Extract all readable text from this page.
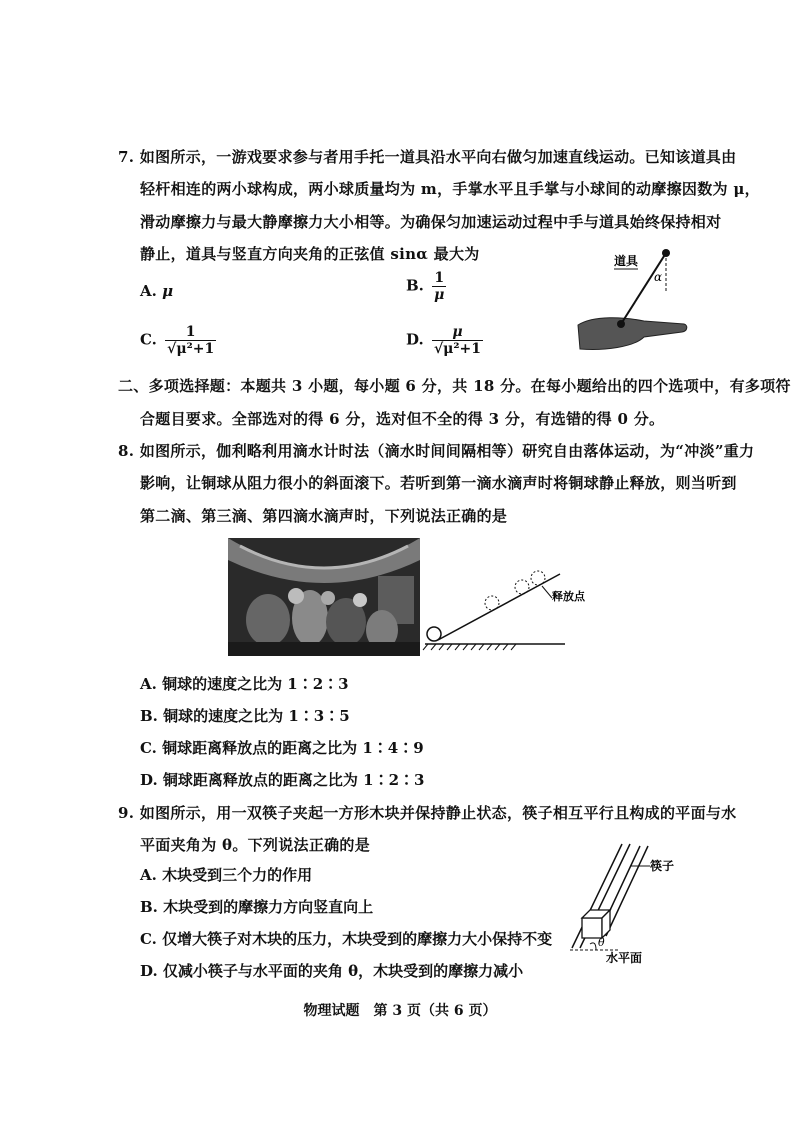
7. 如图所示，一游戏要求参与者用手托一道具沿水平向右做匀加速直线运动。已知该道具由
轻杆相连的两小球构成，两小球质量均为 m，手掌水平且手掌与小球间的动摩擦因数为 μ，
滑动摩擦力与最大静摩擦力大小相等。为确保匀加速运动过程中手与道具始终保持相对
静止，道具与竖直方向夹角的正弦值 sinα 最大为
A. μ	B. $\frac{1}{\mu}$
C. $\frac{1}{\text{√μ²+1}}$	D. $\frac{\mu}{\text{√μ²+1}}$
道具
α
二、多项选择题：本题共 3 小题，每小题 6 分，共 18 分。在每小题给出的四个选项中，有多项符
合题目要求。全部选对的得 6 分，选对但不全的得 3 分，有选错的得 0 分。
8. 如图所示，伽利略利用滴水计时法（滴水时间间隔相等）研究自由落体运动，为“冲淡”重力
影响，让铜球从阻力很小的斜面滚下。若听到第一滴水滴声时将铜球静止释放，则当听到
第二滴、第三滴、第四滴水滴声时，下列说法正确的是
释放点
A. 铜球的速度之比为 1∶2∶3
B. 铜球的速度之比为 1∶3∶5
C. 铜球距离释放点的距离之比为 1∶4∶9
D. 铜球距离释放点的距离之比为 1∶2∶3
9. 如图所示，用一双筷子夹起一方形木块并保持静止状态，筷子相互平行且构成的平面与水
平面夹角为 θ。下列说法正确的是
A. 木块受到三个力的作用
B. 木块受到的摩擦力方向竖直向上
C. 仅增大筷子对木块的压力，木块受到的摩擦力大小保持不变
D. 仅减小筷子与水平面的夹角 θ，木块受到的摩擦力减小
θ
筷子
水平面
物理试题　第 3 页（共 6 页）
